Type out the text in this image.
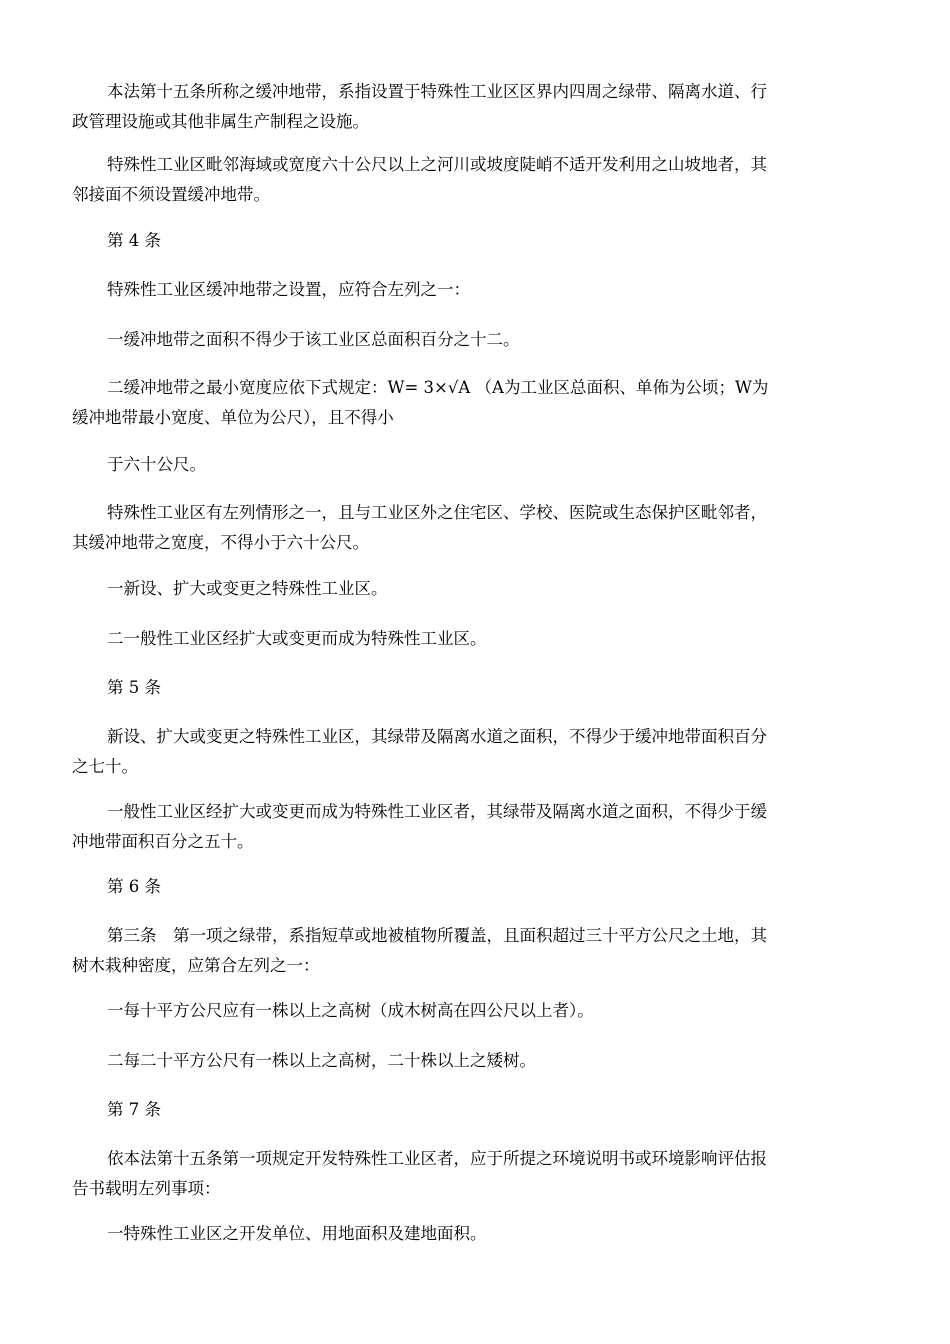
本法第十五条所称之缓冲地带，系指设置于特殊性工业区区界内四周之绿带、隔离水道、行
政管理设施或其他非属生产制程之设施。

特殊性工业区毗邻海域或宽度六十公尺以上之河川或坡度陡峭不适开发利用之山坡地者，其
邻接面不须设置缓冲地带。

第 4 条

特殊性工业区缓冲地带之设置，应符合左列之一：

一缓冲地带之面积不得少于该工业区总面积百分之十二。

二缓冲地带之最小宽度应依下式规定：W= 3×√A （A为工业区总面积、单佈为公顷；W为
缓冲地带最小宽度、单位为公尺），且不得小

于六十公尺。

特殊性工业区有左列情形之一，且与工业区外之住宅区、学校、医院或生态保护区毗邻者，
其缓冲地带之宽度，不得小于六十公尺。

一新设、扩大或变更之特殊性工业区。

二一般性工业区经扩大或变更而成为特殊性工业区。

第 5 条

新设、扩大或变更之特殊性工业区，其绿带及隔离水道之面积，不得少于缓冲地带面积百分
之七十。

一般性工业区经扩大或变更而成为特殊性工业区者，其绿带及隔离水道之面积，不得少于缓
冲地带面积百分之五十。

第 6 条

第三条　第一项之绿带，系指短草或地被植物所覆盖，且面积超过三十平方公尺之土地，其
树木栽种密度，应第合左列之一：

一每十平方公尺应有一株以上之高树（成木树高在四公尺以上者）。

二每二十平方公尺有一株以上之高树，二十株以上之矮树。

第 7 条

依本法第十五条第一项规定开发特殊性工业区者，应于所提之环境说明书或环境影响评估报
告书载明左列事项：

一特殊性工业区之开发单位、用地面积及建地面积。
